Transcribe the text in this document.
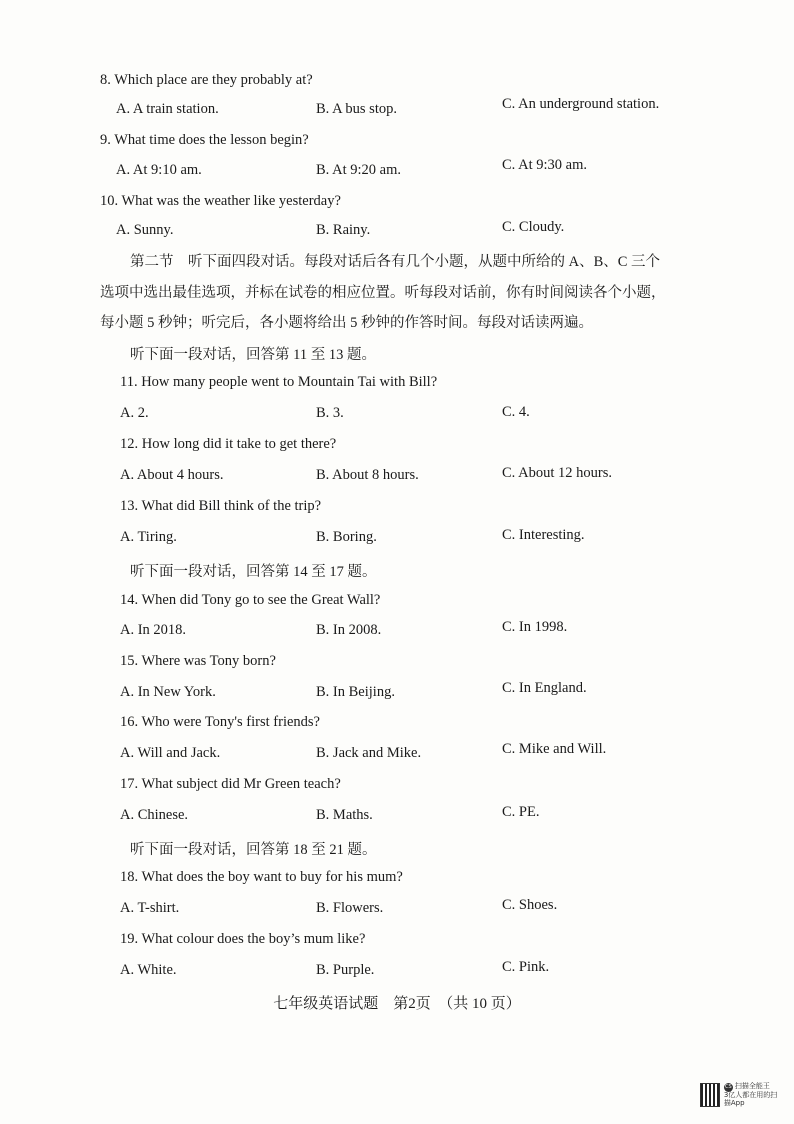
8. Which place are they probably at?
A. A train station.	B. A bus stop.	C. An underground station.
9. What time does the lesson begin?
A. At 9:10 am.	B. At 9:20 am.	C. At 9:30 am.
10. What was the weather like yesterday?
A. Sunny.	B. Rainy.	C. Cloudy.
第二节　听下面四段对话。每段对话后各有几个小题，从题中所给的 A、B、C 三个
选项中选出最佳选项，并标在试卷的相应位置。听每段对话前，你有时间阅读各个小题，
每小题 5 秒钟；听完后，各小题将给出 5 秒钟的作答时间。每段对话读两遍。
听下面一段对话，回答第 11 至 13 题。
11. How many people went to Mountain Tai with Bill?
A. 2.	B. 3.	C. 4.
12. How long did it take to get there?
A. About 4 hours.	B. About 8 hours.	C. About 12 hours.
13. What did Bill think of the trip?
A. Tiring.	B. Boring.	C. Interesting.
听下面一段对话，回答第 14 至 17 题。
14. When did Tony go to see the Great Wall?
A. In 2018.	B. In 2008.	C. In 1998.
15. Where was Tony born?
A. In New York.	B. In Beijing.	C. In England.
16. Who were Tony's first friends?
A. Will and Jack.	B. Jack and Mike.	C. Mike and Will.
17. What subject did Mr Green teach?
A. Chinese.	B. Maths.	C. PE.
听下面一段对话，回答第 18 至 21 题。
18. What does the boy want to buy for his mum?
A. T-shirt.	B. Flowers.	C. Shoes.
19. What colour does the boy’s mum like?
A. White.	B. Purple.	C. Pink.
七年级英语试题　第2页　（共 10 页）
CS 扫描全能王
3亿人都在用的扫描App
